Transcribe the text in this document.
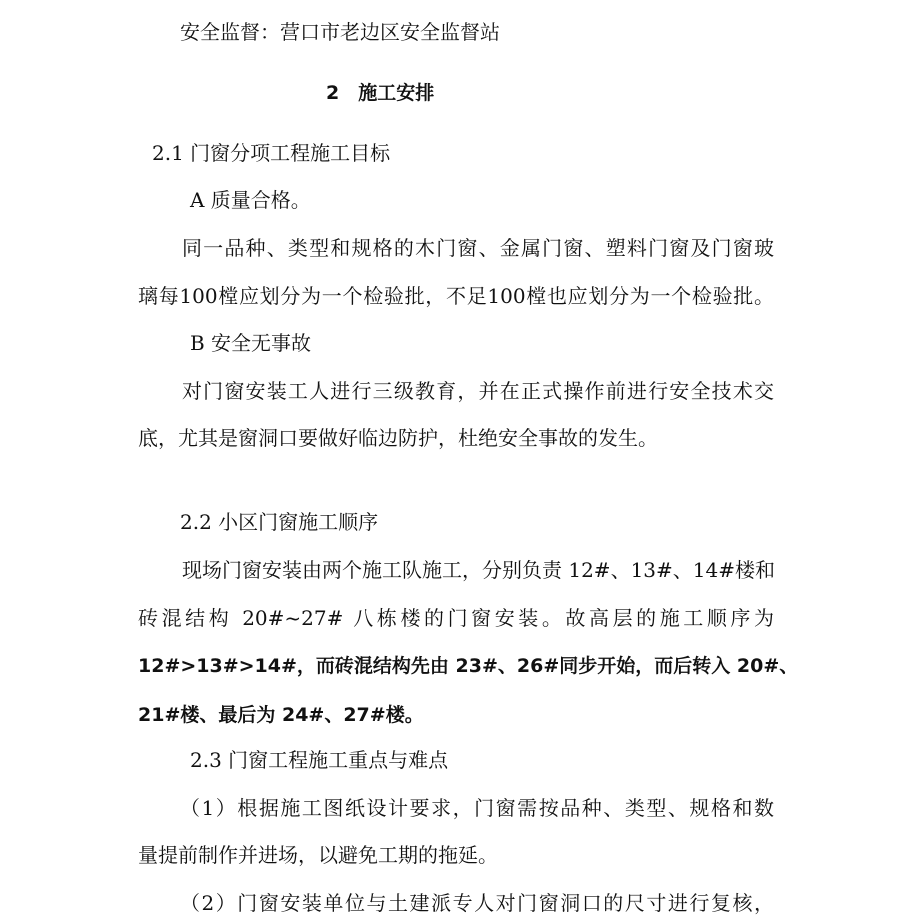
安全监督：营口市老边区安全监督站
2　施工安排
2.1 门窗分项工程施工目标
A 质量合格。
同一品种、类型和规格的木门窗、金属门窗、塑料门窗及门窗玻
璃每100樘应划分为一个检验批，不足100樘也应划分为一个检验批。
B 安全无事故
对门窗安装工人进行三级教育，并在正式操作前进行安全技术交
底，尤其是窗洞口要做好临边防护，杜绝安全事故的发生。
2.2 小区门窗施工顺序
现场门窗安装由两个施工队施工，分别负责 12#、13#、14#楼和
砖混结构 20#~27# 八栋楼的门窗安装。故高层的施工顺序为
12#>13#>14#，而砖混结构先由 23#、26#同步开始，而后转入 20#、
21#楼、最后为 24#、27#楼。
2.3 门窗工程施工重点与难点
（1）根据施工图纸设计要求，门窗需按品种、类型、规格和数
量提前制作并进场，以避免工期的拖延。
（2）门窗安装单位与土建派专人对门窗洞口的尺寸进行复核，
